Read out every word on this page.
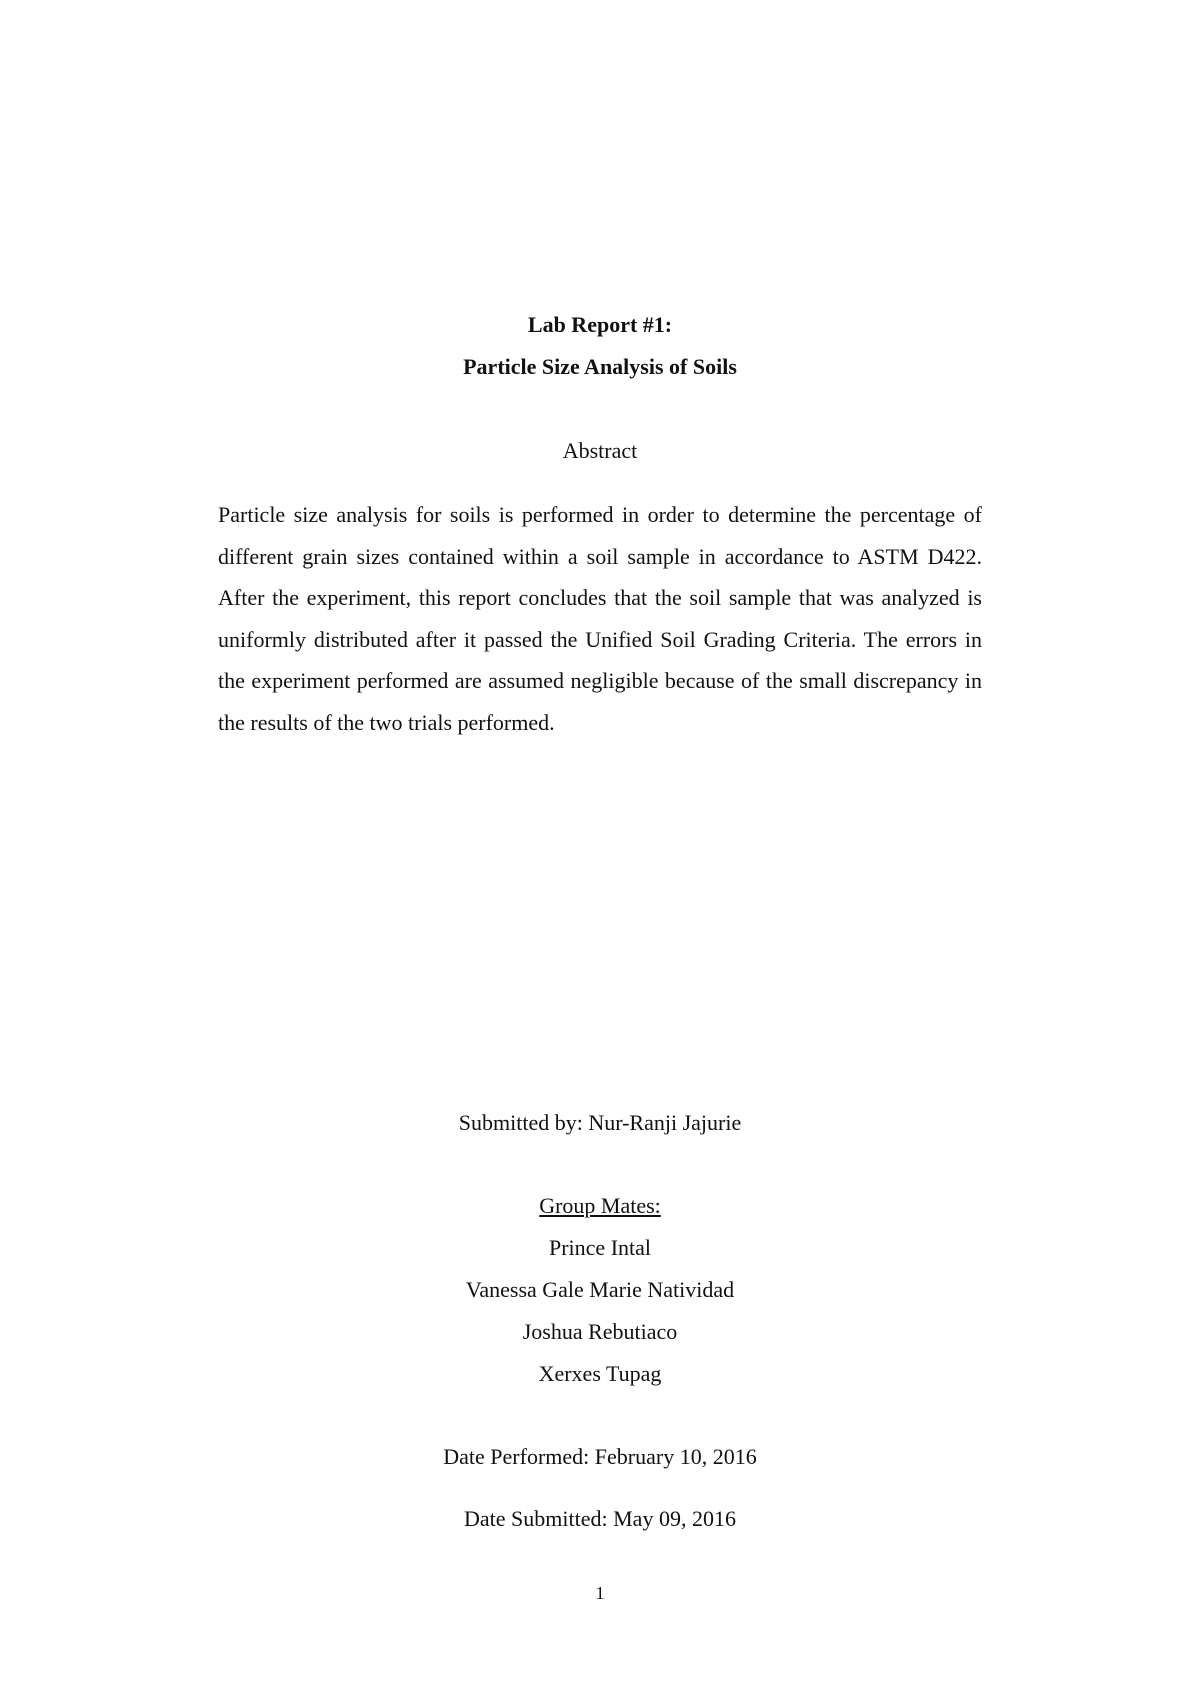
Lab Report #1:
Particle Size Analysis of Soils
Abstract
Particle size analysis for soils is performed in order to determine the percentage of different grain sizes contained within a soil sample in accordance to ASTM D422. After the experiment, this report concludes that the soil sample that was analyzed is uniformly distributed after it passed the Unified Soil Grading Criteria. The errors in the experiment performed are assumed negligible because of the small discrepancy in the results of the two trials performed.
Submitted by: Nur-Ranji Jajurie
Group Mates:
Prince Intal
Vanessa Gale Marie Natividad
Joshua Rebutiaco
Xerxes Tupag
Date Performed: February 10, 2016
Date Submitted: May 09, 2016
1
